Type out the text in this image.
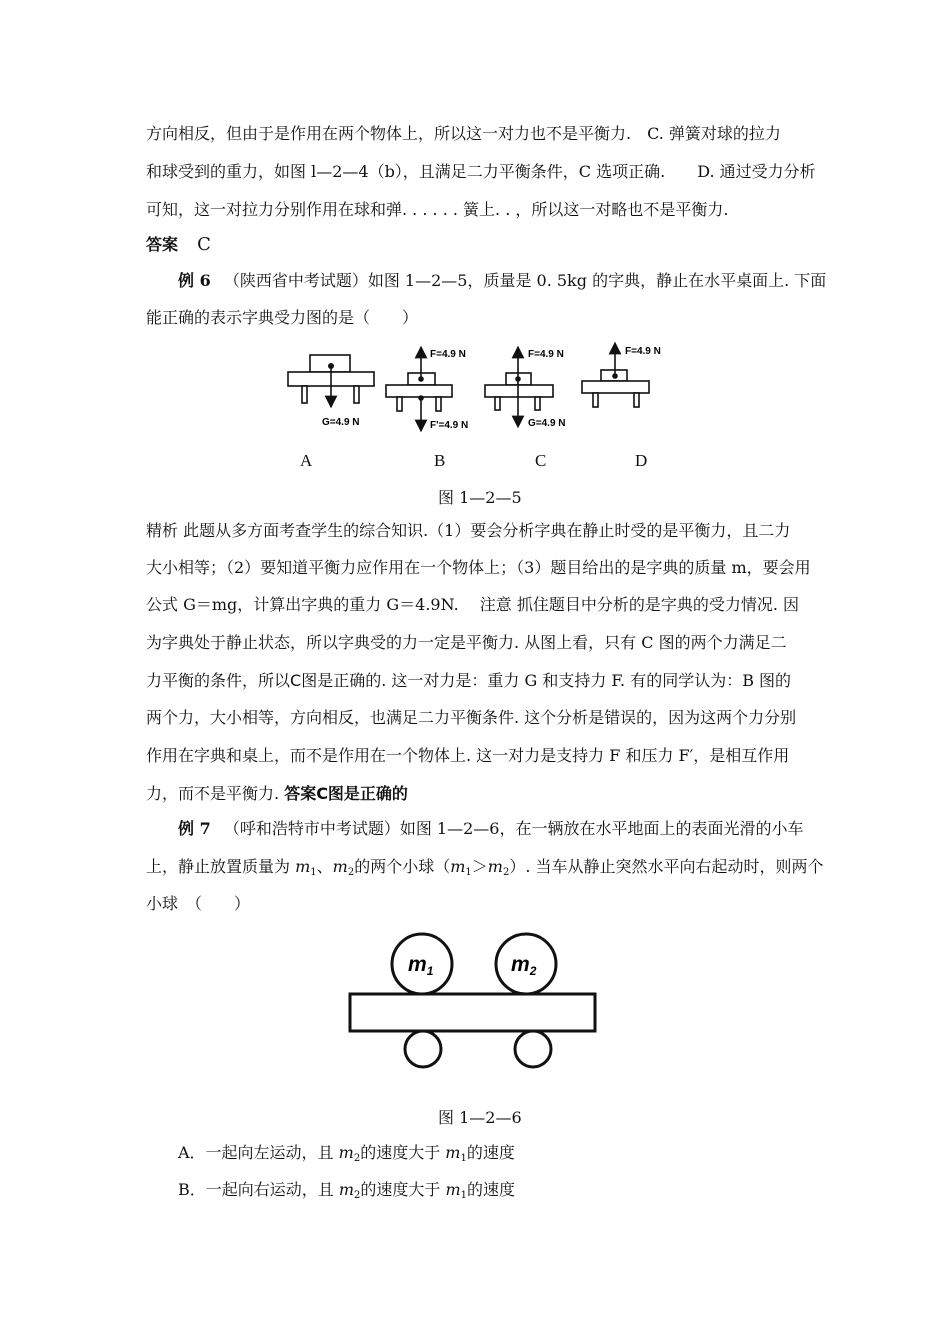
方向相反，但由于是作用在两个物体上，所以这一对力也不是平衡力.　C. 弹簧对球的拉力
和球受到的重力，如图 l—2—4（b），且满足二力平衡条件，C 选项正确.　　D. 通过受力分析
可知，这一对拉力分别作用在球和弹. . . . . . 簧上. . ，所以这一对略也不是平衡力.
答案 C
例 6 （陕西省中考试题）如图 1—2—5，质量是 0. 5kg 的字典，静止在水平桌面上. 下面
能正确的表示字典受力图的是（　　）
G=4.9 N
F=4.9 N
F'=4.9 N
F=4.9 N
G=4.9 N
F=4.9 N
A	B	C	D
图 1—2—5
精析 此题从多方面考查学生的综合知识.（1）要会分析字典在静止时受的是平衡力，且二力
大小相等；（2）要知道平衡力应作用在一个物体上；（3）题目给出的是字典的质量 m，要会用
公式 G＝mg，计算出字典的重力 G＝4.9N.　 注意 抓住题目中分析的是字典的受力情况. 因
为字典处于静止状态，所以字典受的力一定是平衡力. 从图上看，只有 C 图的两个力满足二
力平衡的条件，所以C图是正确的. 这一对力是：重力 G 和支持力 F. 有的同学认为：B 图的
两个力，大小相等，方向相反，也满足二力平衡条件. 这个分析是错误的，因为这两个力分别
作用在字典和桌上，而不是作用在一个物体上. 这一对力是支持力 F 和压力 F′，是相互作用
力，而不是平衡力. 答案C图是正确的
例 7 （呼和浩特市中考试题）如图 1—2—6，在一辆放在水平地面上的表面光滑的小车
上，静止放置质量为 $m_1$、$m_2$的两个小球$(m_1>m_2)$. 当车从静止突然水平向右起动时，则两个
小球　（　　）
m1	m2
图 1—2—6
A．一起向左运动，且 $m_2$的速度大于 $m_1$的速度
B．一起向右运动，且 $m_2$的速度大于 $m_1$的速度
